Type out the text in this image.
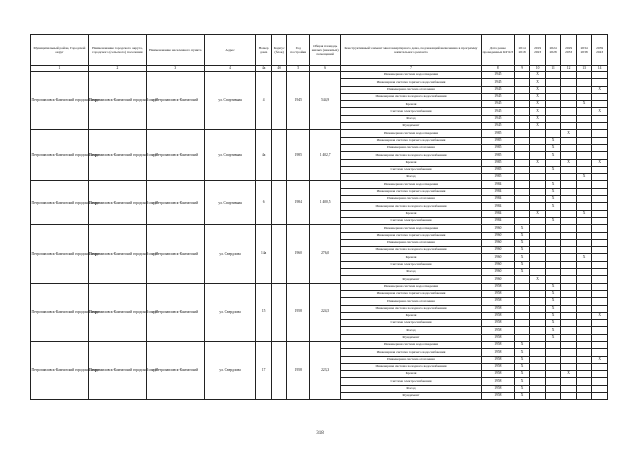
Муниципальный район, Городской округ	Наименование городского округа, городского (сельского) поселения	Наименование населенного пункта	Адрес	Номер дома	Корпус (блок)	Год постройки	Общая площадь жилых (нежилых) помещений	Конструктивный элемент многоквартирного дома, подлежащий включению в программу капитального ремонта	Дата ранее проведенных КР КЭ	2014 2018	2019 2023	2024 2028	2029 2033	2034 2038	2039 2043
1	2	3	4	4а	4б	5	6	7	8	9	10	11	12	13	14
Петропавловск-Камчатский городской округ	Петропавловск-Камчатский городской округ	г. Петропавловск-Камчатский	ул. Спортивная	4		1945	544,9	Инженерная система водоотведения	1945		X				
								Инженерная система горячего водоснабжения	1945		X				
								Инженерная система отопления	1945		X				X
								Инженерная система холодного водоснабжения	1945		X				
								Кровля	1945		X			X	
								Система электроснабжения	1945		X				X
								Фасад	1945		X				
								Фундамент	1945		X				
Петропавловск-Камчатский городской округ	Петропавловск-Камчатский городской округ	г. Петропавловск-Камчатский	ул. Спортивная	4а		1985	1 402,7	Инженерная система водоотведения	1985				X		
								Инженерная система горячего водоснабжения	1985			X			
								Инженерная система отопления	1985			X			
								Инженерная система холодного водоснабжения	1985			X			
								Кровля	1985		X		X		X
								Система электроснабжения	1985			X			
								Фасад	1985					X	
Петропавловск-Камчатский городской округ	Петропавловск-Камчатский городской округ	г. Петропавловск-Камчатский	ул. Спортивная	6		1984	1 400,5	Инженерная система водоотведения	1984			X			
								Инженерная система горячего водоснабжения	1984			X			
								Инженерная система отопления	1984			X			
								Инженерная система холодного водоснабжения	1984			X			
								Кровля	1984		X			X	
								Система электроснабжения	1984			X			
Петропавловск-Камчатский городской округ	Петропавловск-Камчатский городской округ	г. Петропавловск-Камчатский	ул. Свердлова	14а		1960	276,0	Инженерная система водоотведения	1960	X					
								Инженерная система горячего водоснабжения	1960	X					
								Инженерная система отопления	1960	X					
								Инженерная система холодного водоснабжения	1960	X					
								Кровля	1960	X				X	
								Система электроснабжения	1960	X					
								Фасад	1960	X					
								Фундамент	1960		X				
Петропавловск-Камчатский городской округ	Петропавловск-Камчатский городской округ	г. Петропавловск-Камчатский	ул. Свердлова	15		1958	224,5	Инженерная система водоотведения	1958			X			
								Инженерная система горячего водоснабжения	1958			X			
								Инженерная система отопления	1958			X			
								Инженерная система холодного водоснабжения	1958			X			
								Кровля	1958			X			X
								Система электроснабжения	1958			X			
								Фасад	1958			X			
								Фундамент	1958			X			
Петропавловск-Камчатский городской округ	Петропавловск-Камчатский городской округ	г. Петропавловск-Камчатский	ул. Свердлова	17		1958	223,3	Инженерная система водоотведения	1958	X					
								Инженерная система горячего водоснабжения	1958	X					
								Инженерная система отопления	1958	X					X
								Инженерная система холодного водоснабжения	1958	X					
								Кровля	1958	X			X		
								Система электроснабжения	1958	X					
								Фасад	1958	X					
								Фундамент	1958	X					
318
